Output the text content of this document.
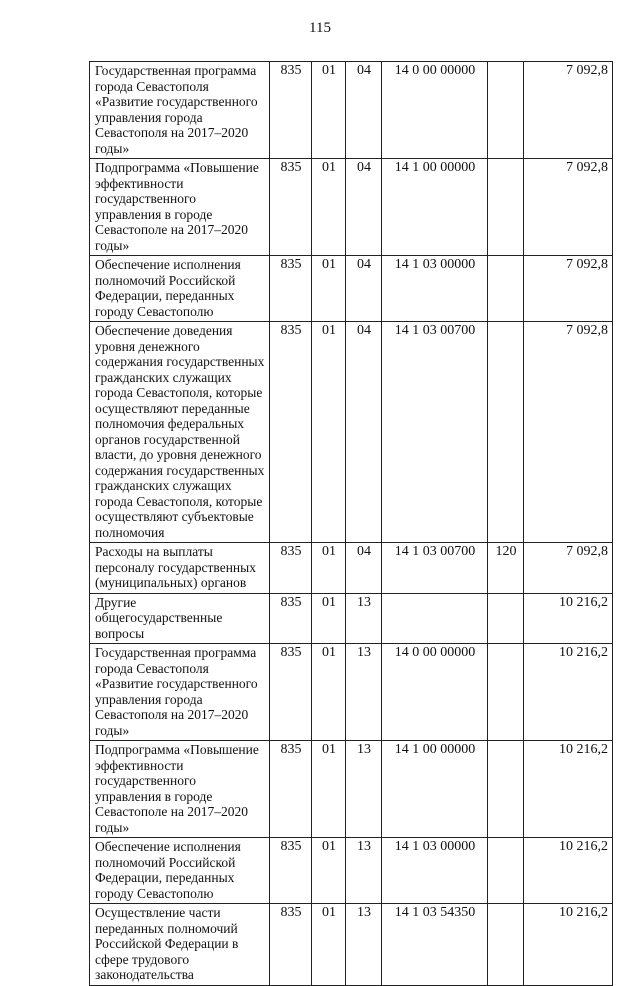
115
Государственная программа города Севастополя «Развитие государственного управления города Севастополя на 2017–2020 годы»	835	01	04	14 0 00 00000		7 092,8
Подпрограмма «Повышение эффективности государственного управления в городе Севастополе на 2017–2020 годы»	835	01	04	14 1 00 00000		7 092,8
Обеспечение исполнения полномочий Российской Федерации, переданных городу Севастополю	835	01	04	14 1 03 00000		7 092,8
Обеспечение доведения уровня денежного содержания государственных гражданских служащих города Севастополя, которые осуществляют переданные полномочия федеральных органов государственной власти, до уровня денежного содержания государственных гражданских служащих города Севастополя, которые осуществляют субъектовые полномочия	835	01	04	14 1 03 00700		7 092,8
Расходы на выплаты персоналу государственных (муниципальных) органов	835	01	04	14 1 03 00700	120	7 092,8
Другие общегосударственные вопросы	835	01	13			10 216,2
Государственная программа города Севастополя «Развитие государственного управления города Севастополя на 2017–2020 годы»	835	01	13	14 0 00 00000		10 216,2
Подпрограмма «Повышение эффективности государственного управления в городе Севастополе на 2017–2020 годы»	835	01	13	14 1 00 00000		10 216,2
Обеспечение исполнения полномочий Российской Федерации, переданных городу Севастополю	835	01	13	14 1 03 00000		10 216,2
Осуществление части переданных полномочий Российской Федерации в сфере трудового законодательства	835	01	13	14 1 03 54350		10 216,2
